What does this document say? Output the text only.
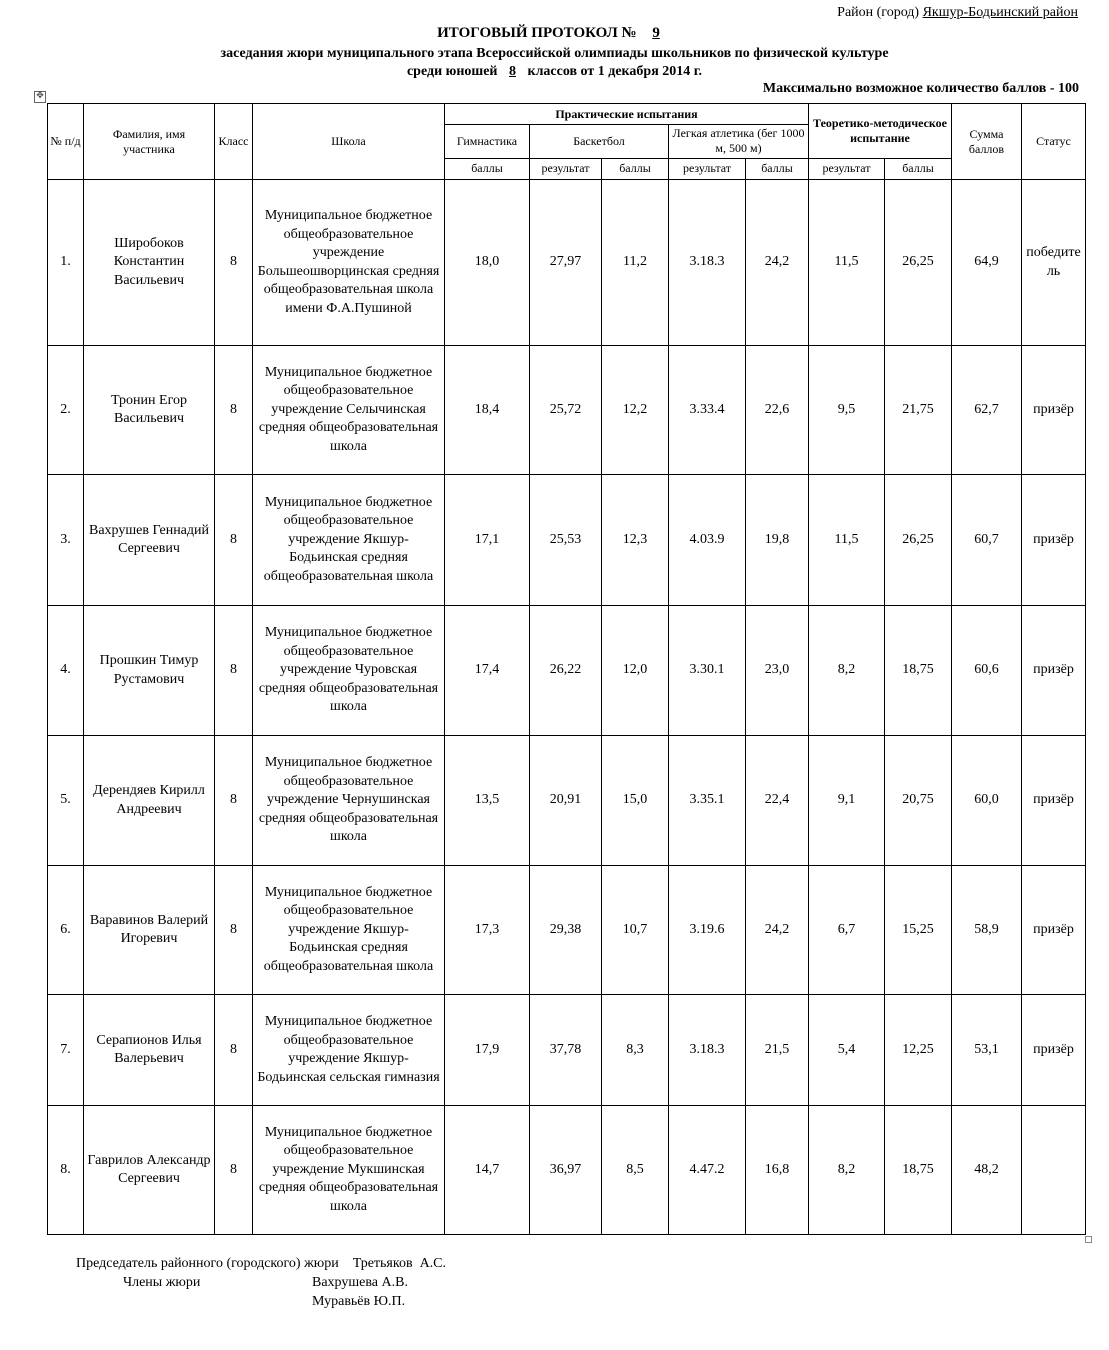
Район (город) Якшур-Бодьинский район
ИТОГОВЫЙ ПРОТОКОЛ № 9
заседания жюри муниципального этапа Всероссийской олимпиады школьников по физической культуре
среди юношей 8 классов от 1 декабря 2014 г.
Максимально возможное количество баллов - 100
✥
№ п/д	Фамилия, имя участника	Класс	Школа	Практические испытания					Теоретико-методическое испытание		Сумма баллов	Статус
				Гимнастика	Баскетбол		Легкая атлетика (бег 1000 м, 500 м)					
				баллы	результат	баллы	результат	баллы	результат	баллы		
1.	Широбоков Константин Васильевич	8	Муниципальное бюджетное общеобразовательное учреждение Большеошворцинская средняя общеобразовательная школа имени Ф.А.Пушиной	18,0	27,97	11,2	3.18.3	24,2	11,5	26,25	64,9	победитель
2.	Тронин Егор Васильевич	8	Муниципальное бюджетное общеобразовательное учреждение Селычинская средняя общеобразовательная школа	18,4	25,72	12,2	3.33.4	22,6	9,5	21,75	62,7	призёр
3.	Вахрушев Геннадий Сергеевич	8	Муниципальное бюджетное общеобразовательное учреждение Якшур-Бодьинская средняя общеобразовательная школа	17,1	25,53	12,3	4.03.9	19,8	11,5	26,25	60,7	призёр
4.	Прошкин Тимур Рустамович	8	Муниципальное бюджетное общеобразовательное учреждение Чуровская средняя общеобразовательная школа	17,4	26,22	12,0	3.30.1	23,0	8,2	18,75	60,6	призёр
5.	Дерендяев Кирилл Андреевич	8	Муниципальное бюджетное общеобразовательное учреждение Чернушинская средняя общеобразовательная школа	13,5	20,91	15,0	3.35.1	22,4	9,1	20,75	60,0	призёр
6.	Варавинов Валерий Игоревич	8	Муниципальное бюджетное общеобразовательное учреждение Якшур-Бодьинская средняя общеобразовательная школа	17,3	29,38	10,7	3.19.6	24,2	6,7	15,25	58,9	призёр
7.	Серапионов Илья Валерьевич	8	Муниципальное бюджетное общеобразовательное учреждение Якшур-Бодьинская сельская гимназия	17,9	37,78	8,3	3.18.3	21,5	5,4	12,25	53,1	призёр
8.	Гаврилов Александр Сергеевич	8	Муниципальное бюджетное общеобразовательное учреждение Мукшинская средняя общеобразовательная школа	14,7	36,97	8,5	4.47.2	16,8	8,2	18,75	48,2	
Председатель районного (городского) жюри    Третьяков  А.С.
Члены жюри	Вахрушева А.В.
Муравьёв Ю.П.
